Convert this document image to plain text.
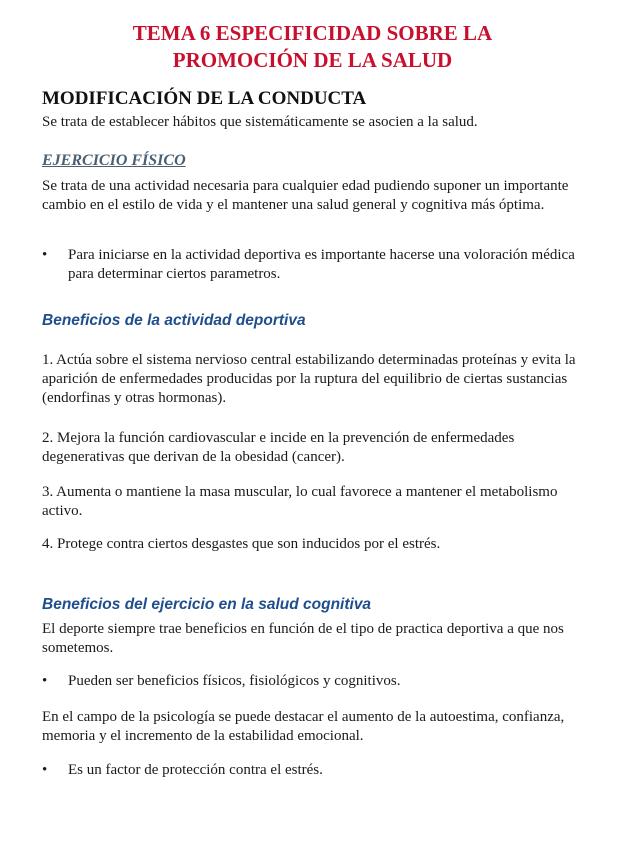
TEMA 6 ESPECIFICIDAD SOBRE LA
PROMOCIÓN DE LA SALUD
MODIFICACIÓN DE LA CONDUCTA

Se trata de establecer hábitos que sistemáticamente se asocien a la salud.

EJERCICIO FÍSICO

Se trata de una actividad necesaria para cualquier edad pudiendo suponer un importante cambio en el estilo de vida y el mantener una salud general y cognitiva más óptima.

•	Para iniciarse en la actividad deportiva es importante hacerse una voloración médica para determinar ciertos parametros.
Beneficios de la actividad deportiva

1. Actúa sobre el sistema nervioso central estabilizando determinadas proteínas y evita la aparición de enfermedades producidas por la ruptura del equilibrio de ciertas sustancias (endorfinas y otras hormonas).

2. Mejora la función cardiovascular e incide en la prevención de enfermedades degenerativas que derivan de la obesidad (cancer).

3. Aumenta o mantiene la masa muscular, lo cual favorece a mantener el metabolismo activo.

4. Protege contra ciertos desgastes que son inducidos por el estrés.

Beneficios del ejercicio en la salud cognitiva

El deporte siempre trae beneficios en función de el tipo de practica deportiva a que nos sometemos.

•	Pueden ser beneficios físicos, fisiológicos y cognitivos.

En el campo de la psicología se puede destacar el aumento de la autoestima, confianza, memoria y el incremento de la estabilidad emocional.

•	Es un factor de protección contra el estrés.
